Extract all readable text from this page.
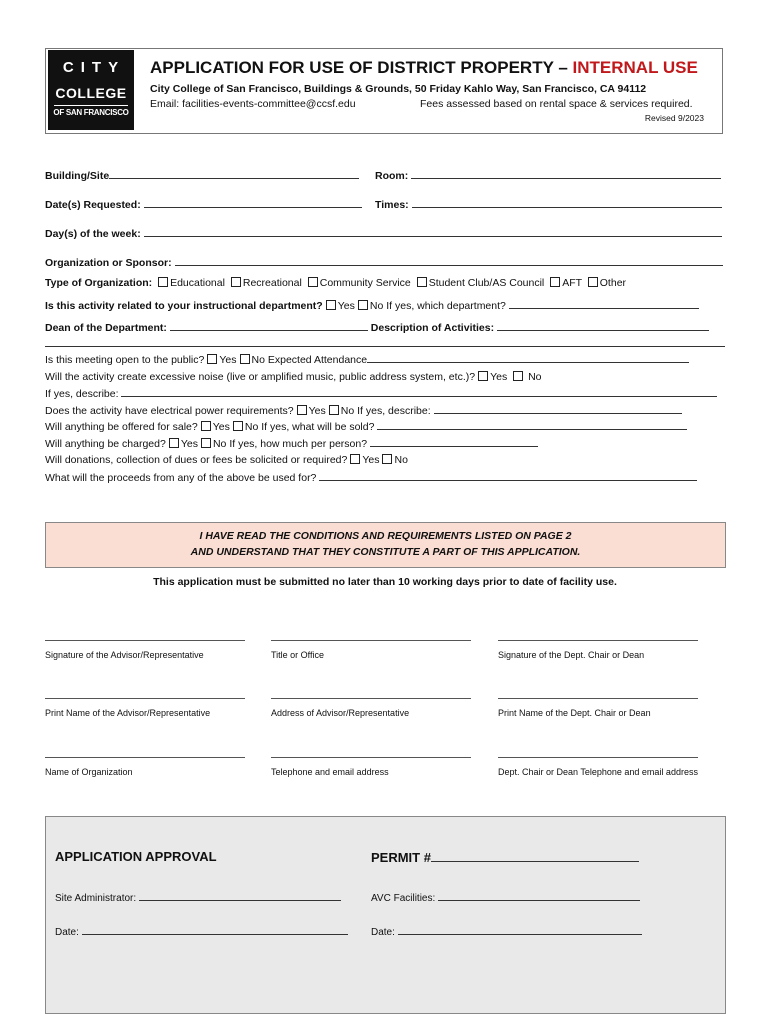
CITY
COLLEGE
OF SAN FRANCISCO
APPLICATION FOR USE OF DISTRICT PROPERTY – INTERNAL USE
City College of San Francisco, Buildings & Grounds, 50 Friday Kahlo Way, San Francisco, CA 94112
Email: facilities-events-committee@ccsf.edu	Fees assessed based on rental space & services required.
Revised 9/2023
Building/Site	Room:
Date(s) Requested:	Times:
Day(s) of the week:
Organization or Sponsor:
Type of Organization: Educational Recreational Community Service Student Club/AS Council AFT Other
Is this activity related to your instructional department? Yes No If yes, which department?
Dean of the Department:	Description of Activities:
Is this meeting open to the public? Yes No Expected Attendance
Will the activity create excessive noise (live or amplified music, public address system, etc.)? Yes No
If yes, describe:
Does the activity have electrical power requirements? Yes No If yes, describe:
Will anything be offered for sale? Yes No If yes, what will be sold?
Will anything be charged? Yes No If yes, how much per person?
Will donations, collection of dues or fees be solicited or required? Yes No
What will the proceeds from any of the above be used for?
I HAVE READ THE CONDITIONS AND REQUIREMENTS LISTED ON PAGE 2
AND UNDERSTAND THAT THEY CONSTITUTE A PART OF THIS APPLICATION.
This application must be submitted no later than 10 working days prior to date of facility use.
Signature of the Advisor/Representative	Title or Office	Signature of the Dept. Chair or Dean
Print Name of the Advisor/Representative	Address of Advisor/Representative	Print Name of the Dept. Chair or Dean
Name of Organization	Telephone and email address	Dept. Chair or Dean Telephone and email address
APPLICATION APPROVAL	PERMIT #
Site Administrator:	AVC Facilities:
Date:	Date:
